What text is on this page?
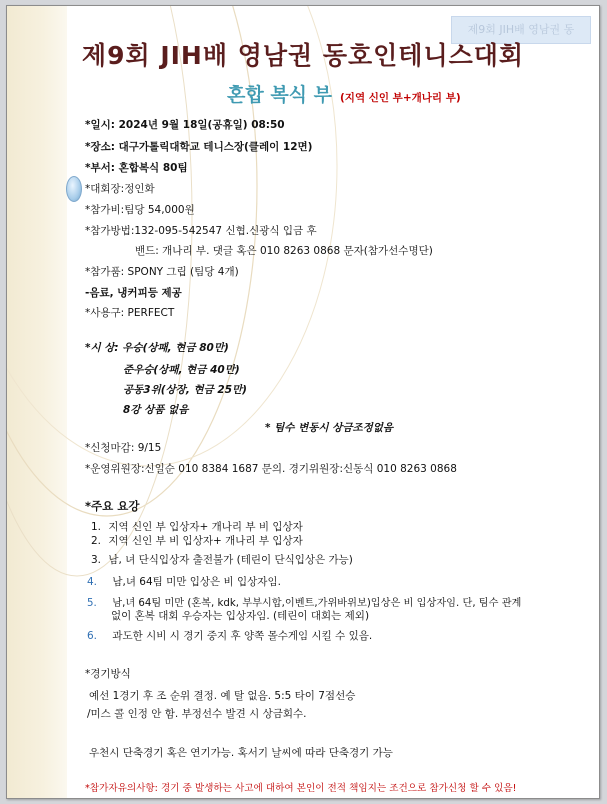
제9회 JIH배 영남권 동
제9회 JIH배 영남권 동호인테니스대회
혼합 복식 부 (지역 신인 부+개나리 부)
*일시: 2024년 9월 18일(공휴일) 08:50
*장소: 대구가톨릭대학교 테니스장(클레이 12면)
*부서: 혼합복식 80팀
*대회장:정인화
*참가비:팀당 54,000원
*참가방법:132-095-542547 신협.신광식 입금 후
밴드: 개나리 부. 댓글 혹은 010 8263 0868 문자(참가선수명단)
*참가품: SPONY 그립 (팀당 4개)
-음료, 냉커피등 제공
*사용구: PERFECT
*시 상: 우승(상패, 현금 80만)
준우승(상패, 현금 40만)
공동3위(상장, 현금 25만)
8강 상품 없음
* 팀수 변동시 상금조정없음
*신청마감: 9/15
*운영위원장:신일순 010 8384 1687 문의. 경기위원장:신동식 010 8263 0868
*주요 요강
1. 지역 신인 부 입상자+ 개나리 부 비 입상자
2. 지역 신인 부 비 입상자+ 개나리 부 입상자
3. 남, 녀 단식입상자 출전불가 (테린이 단식입상은 가능)
4. 남,녀 64팀 미만 입상은 비 입상자임.
5. 남,녀 64팀 미만 (혼복, kdk, 부부시합,이벤트,가위바위보)입상은 비 입상자임. 단, 팀수 관계
없이 혼복 대회 우승자는 입상자임. (테린이 대회는 제외)
6. 과도한 시비 시 경기 중지 후 양쪽 몰수게임 시킬 수 있음.
*경기방식
예선 1경기 후 조 순위 결정. 예 탈 없음. 5:5 타이 7점선승
/미스 콜 인정 안 함. 부정선수 발견 시 상금회수.
우천시 단축경기 혹은 연기가능. 혹서기 날씨에 따라 단축경기 가능
*참가자유의사항: 경기 중 발생하는 사고에 대하여 본인이 전적 책임지는 조건으로 참가신청 할 수 있음!
